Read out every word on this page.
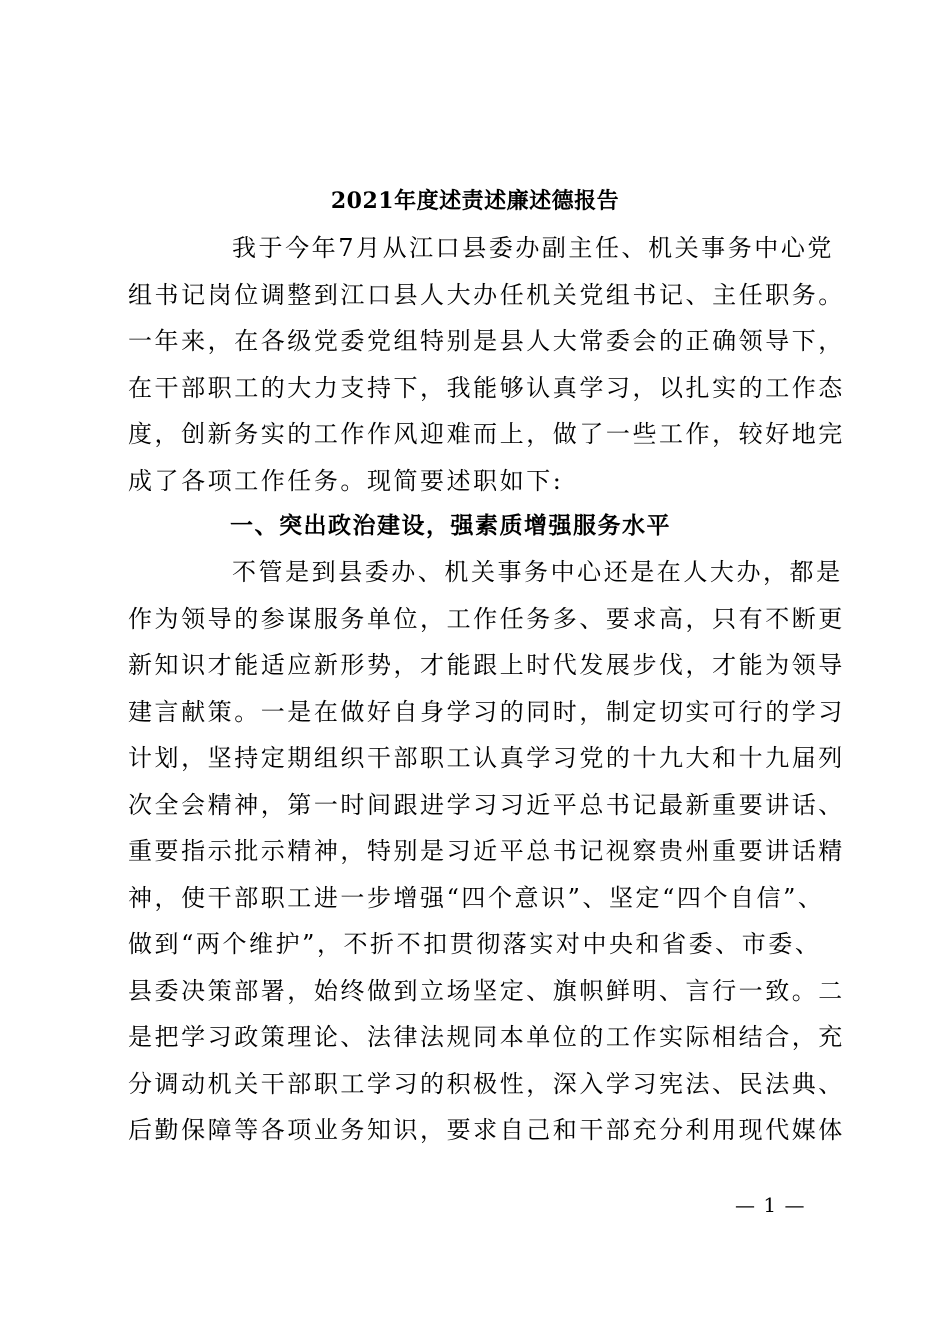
2021年度述责述廉述德报告
我于今年7月从江口县委办副主任、机关事务中心党
组书记岗位调整到江口县人大办任机关党组书记、主任职务。
一年来，在各级党委党组特别是县人大常委会的正确领导下，
在干部职工的大力支持下，我能够认真学习，以扎实的工作态
度，创新务实的工作作风迎难而上，做了一些工作，较好地完
成了各项工作任务。现简要述职如下:
一、突出政治建设，强素质增强服务水平
不管是到县委办、机关事务中心还是在人大办，都是
作为领导的参谋服务单位，工作任务多、要求高，只有不断更
新知识才能适应新形势，才能跟上时代发展步伐，才能为领导
建言献策。一是在做好自身学习的同时，制定切实可行的学习
计划，坚持定期组织干部职工认真学习党的十九大和十九届列
次全会精神，第一时间跟进学习习近平总书记最新重要讲话、
重要指示批示精神，特别是习近平总书记视察贵州重要讲话精
神，使干部职工进一步增强“四个意识”、坚定“四个自信”、
做到“两个维护”，不折不扣贯彻落实对中央和省委、市委、
县委决策部署，始终做到立场坚定、旗帜鲜明、言行一致。二
是把学习政策理论、法律法规同本单位的工作实际相结合，充
分调动机关干部职工学习的积极性，深入学习宪法、民法典、
后勤保障等各项业务知识，要求自己和干部充分利用现代媒体
— 1 —
